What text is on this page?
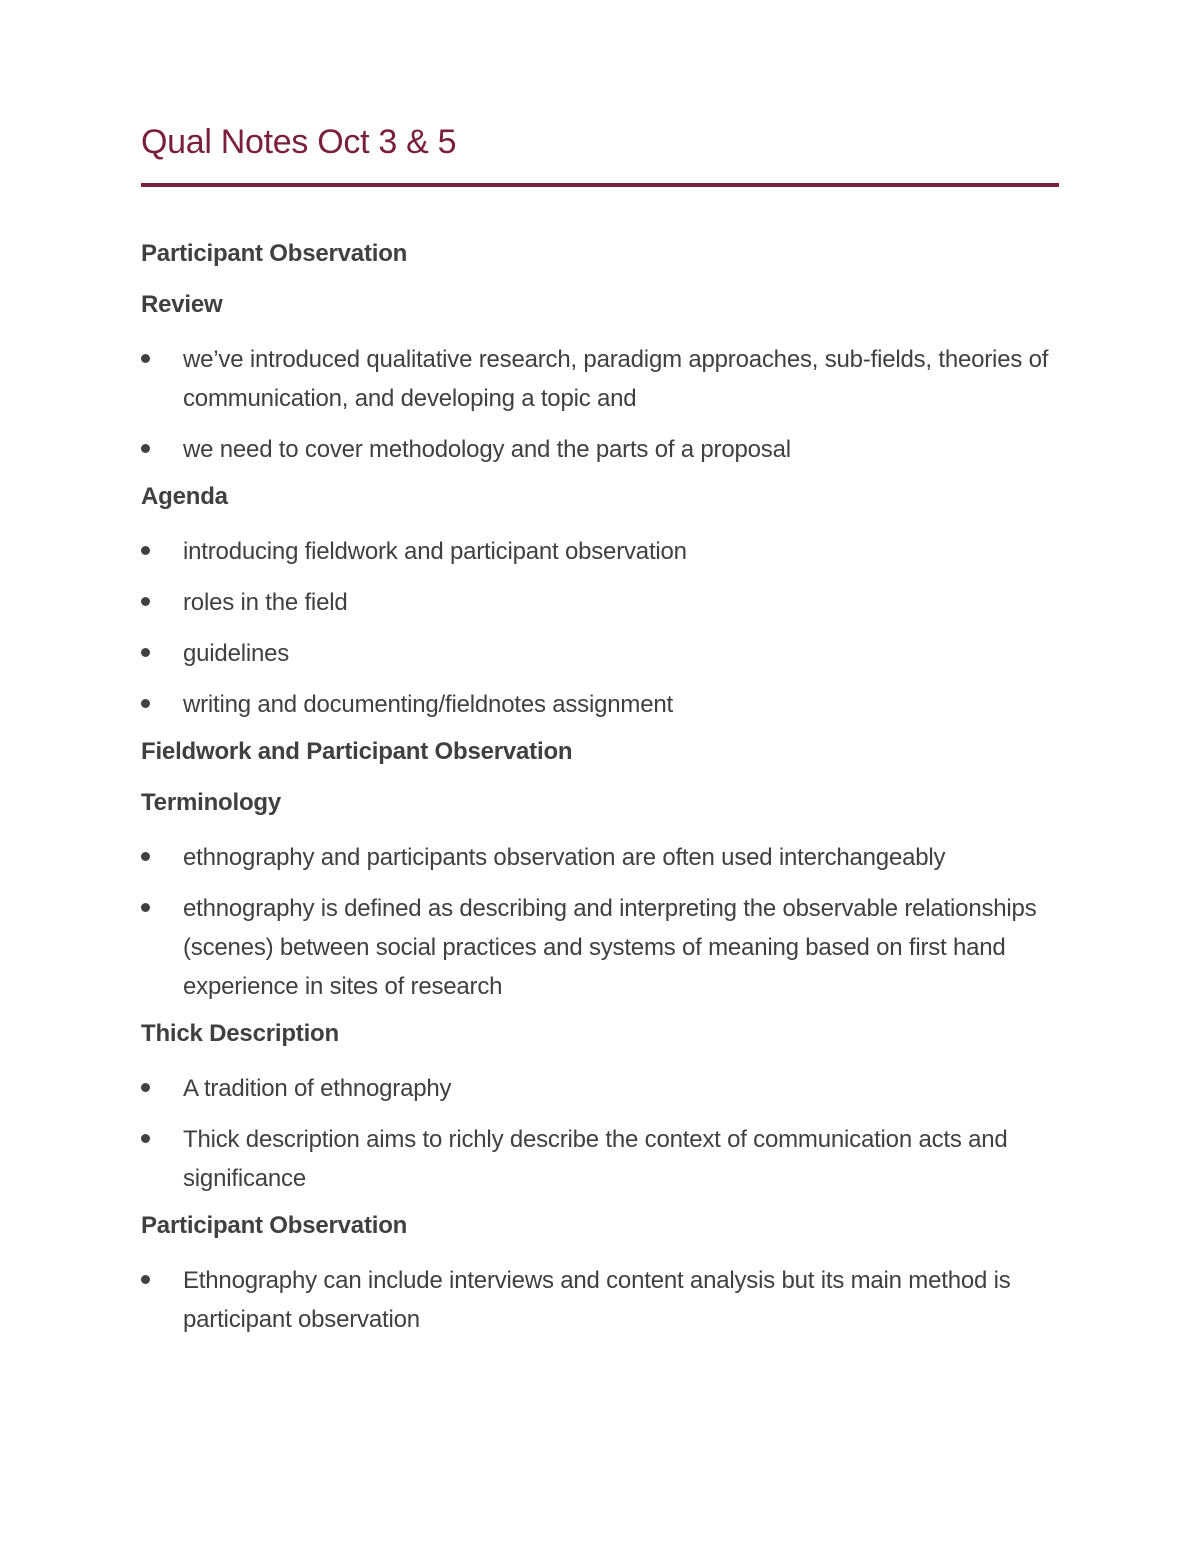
Qual Notes Oct 3 & 5
Participant Observation
Review
we’ve introduced qualitative research, paradigm approaches, sub-fields, theories of communication, and developing a topic and
we need to cover methodology and the parts of a proposal
Agenda
introducing fieldwork and participant observation
roles in the field
guidelines
writing and documenting/fieldnotes assignment
Fieldwork and Participant Observation
Terminology
ethnography and participants observation are often used interchangeably
ethnography is defined as describing and interpreting the observable relationships (scenes) between social practices and systems of meaning based on first hand experience in sites of research
Thick Description
A tradition of ethnography
Thick description aims to richly describe the context of communication acts and significance
Participant Observation
Ethnography can include interviews and content analysis but its main method is participant observation
